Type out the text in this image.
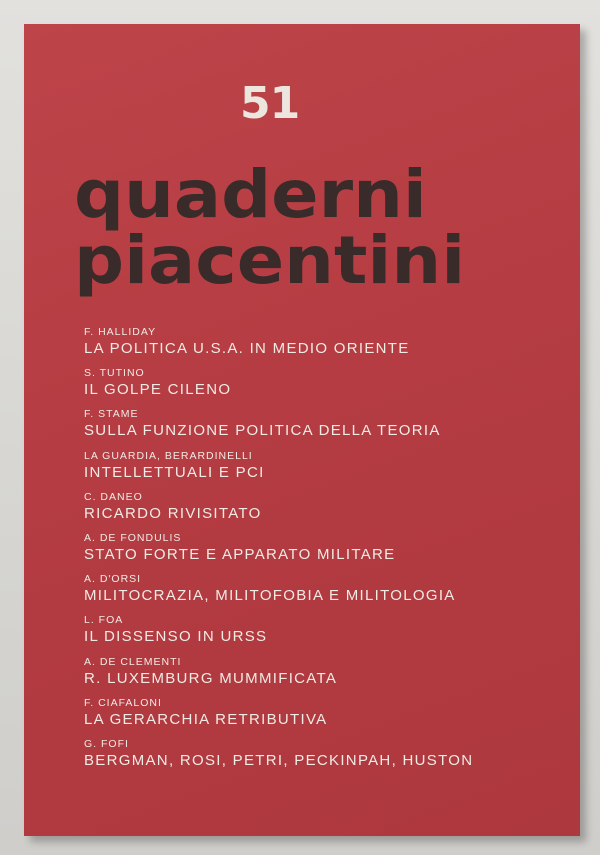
51
quaderni
piacentini
F. HALLIDAY
LA POLITICA U.S.A. IN MEDIO ORIENTE
S. TUTINO
IL GOLPE CILENO
F. STAME
SULLA FUNZIONE POLITICA DELLA TEORIA
LA GUARDIA, BERARDINELLI
INTELLETTUALI E PCI
C. DANEO
RICARDO RIVISITATO
A. DE FONDULIS
STATO FORTE E APPARATO MILITARE
A. D'ORSI
MILITOCRAZIA, MILITOFOBIA E MILITOLOGIA
L. FOA
IL DISSENSO IN URSS
A. DE CLEMENTI
R. LUXEMBURG MUMMIFICATA
F. CIAFALONI
LA GERARCHIA RETRIBUTIVA
G. FOFI
BERGMAN, ROSI, PETRI, PECKINPAH, HUSTON
